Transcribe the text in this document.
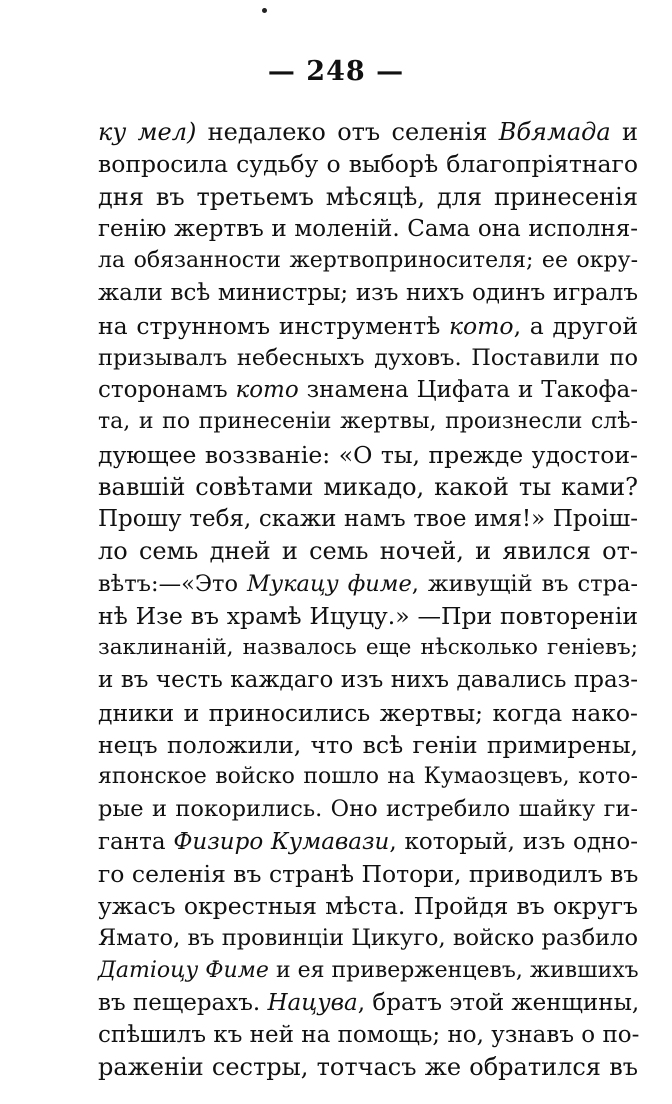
— 248 —
ку мел) недалеко отъ селенія Вбямада и
вопросила судьбу о выборѣ благопріятнаго
дня въ третьемъ мѣсяцѣ, для принесенія
генію жертвъ и моленій. Сама она исполня-
ла обязанности жертвоприносителя; ее окру-
жали всѣ министры; изъ нихъ одинъ игралъ
на струнномъ инструментѣ кото, а другой
призывалъ небесныхъ духовъ. Поставили по
сторонамъ кото знамена Цифата и Такофа-
та, и по принесеніи жертвы, произнесли слѣ-
дующее воззваніе: «О ты, прежде удостои-
вавшій совѣтами микадо, какой ты ками?
Прошу тебя, скажи намъ твое имя!» Проіш-
ло семь дней и семь ночей, и явился от-
вѣтъ:—«Это Мукацу фиме, живущій въ стра-
нѣ Изе въ храмѣ Ицуцу.» —При повтореніи
заклинаній, назвалось еще нѣсколько геніевъ;
и въ честь каждаго изъ нихъ давались праз-
дники и приносились жертвы; когда нако-
нецъ положили, что всѣ геніи примирены,
японское войско пошло на Кумаозцевъ, кото-
рые и покорились. Оно истребило шайку ги-
ганта Физиро Кумавази, который, изъ одно-
го селенія въ странѣ Потори, приводилъ въ
ужасъ окрестныя мѣста. Пройдя въ округъ
Ямато, въ провинціи Цикуго, войско разбило
Датіоцу Фиме и ея приверженцевъ, жившихъ
въ пещерахъ. Нацува, братъ этой женщины,
спѣшилъ къ ней на помощь; но, узнавъ о по-
раженіи сестры, тотчасъ же обратился въ
